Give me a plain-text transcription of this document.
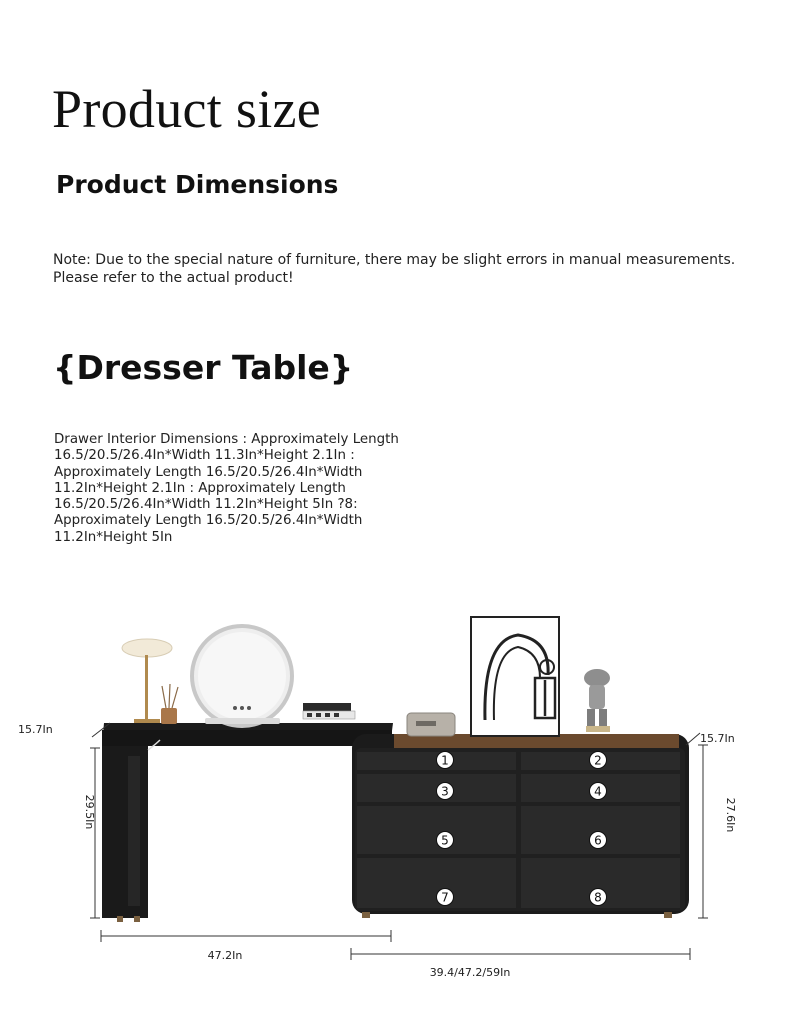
Product size
Product Dimensions

Note: Due to the special nature of furniture, there may be slight errors in manual measurements. Please refer to the actual product!

{Dresser Table}
Drawer Interior Dimensions : Approximately Length
16.5/20.5/26.4In*Width 11.3In*Height 2.1In :
Approximately Length 16.5/20.5/26.4In*Width
11.2In*Height 2.1In : Approximately Length
16.5/20.5/26.4In*Width 11.2In*Height 5In ?8:
Approximately Length 16.5/20.5/26.4In*Width
11.2In*Height 5In
1	2
3	4
5	6
7	8
15.7In
15.7In
29.5In	27.6In
47.2In
39.4/47.2/59In
